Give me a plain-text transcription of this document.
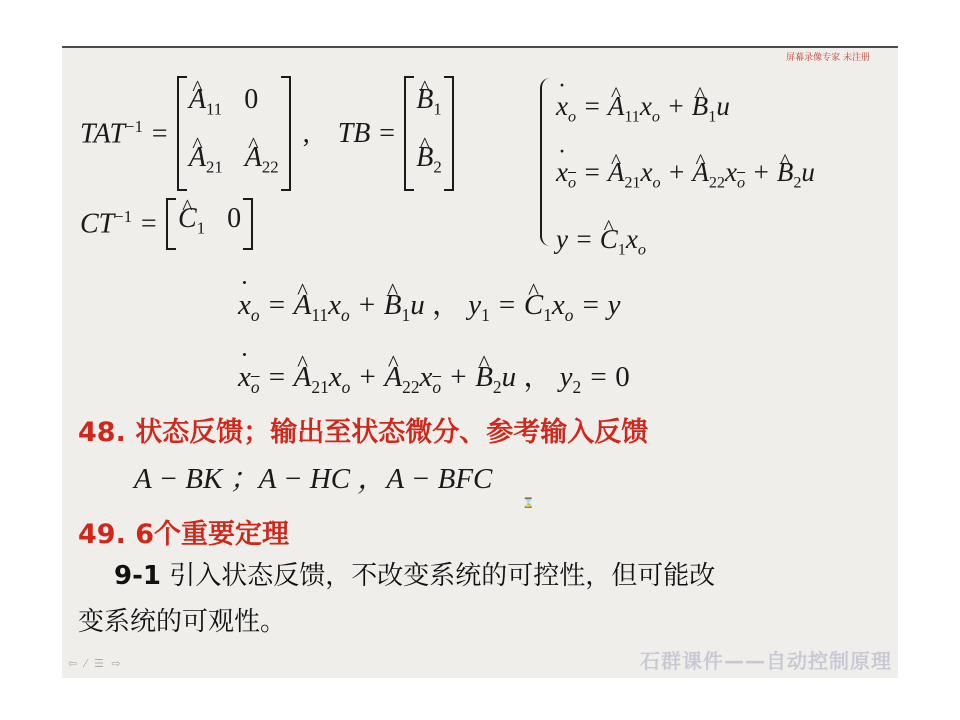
屏幕录像专家 未注册
$TAT^{-1}$ =
^ $A_{11}$ 0
^ $A_{21}$ ^ $A_{22}$
, TB =
^ $B_1$
^ $B_2$
$CT^{-1}$ = ^ $C_1$ 0
˙ $x_o$ = ^ $A_{11}x_o$ + ^ $B_1u$
˙ $x_{\overline{o}}$ = ^ $A_{21}x_o$ + ^ $A_{22}x_{\overline{o}}$ + ^ $B_2u$
y = ^ $C_1x_o$
˙ $x_o$ = ^ $A_{11}x_o$ + ^ $B_1u$ ， $y_1$ = ^ $C_1x_o = y$
˙ $x_{\overline{o}}$ = ^ $A_{21}x_o$ + ^ $A_{22}x_{\overline{o}}$ + ^ $B_2u$ ， $y_2 = 0$
48. 状态反馈；输出至状态微分、参考输入反馈
A − BK ；A − HC ，A − BFC
⌛
49. 6个重要定理
9-1 引入状态反馈，不改变系统的可控性，但可能改
变系统的可观性。
⇦ ⁄ ☰ ⇨	石群课件——自动控制原理
